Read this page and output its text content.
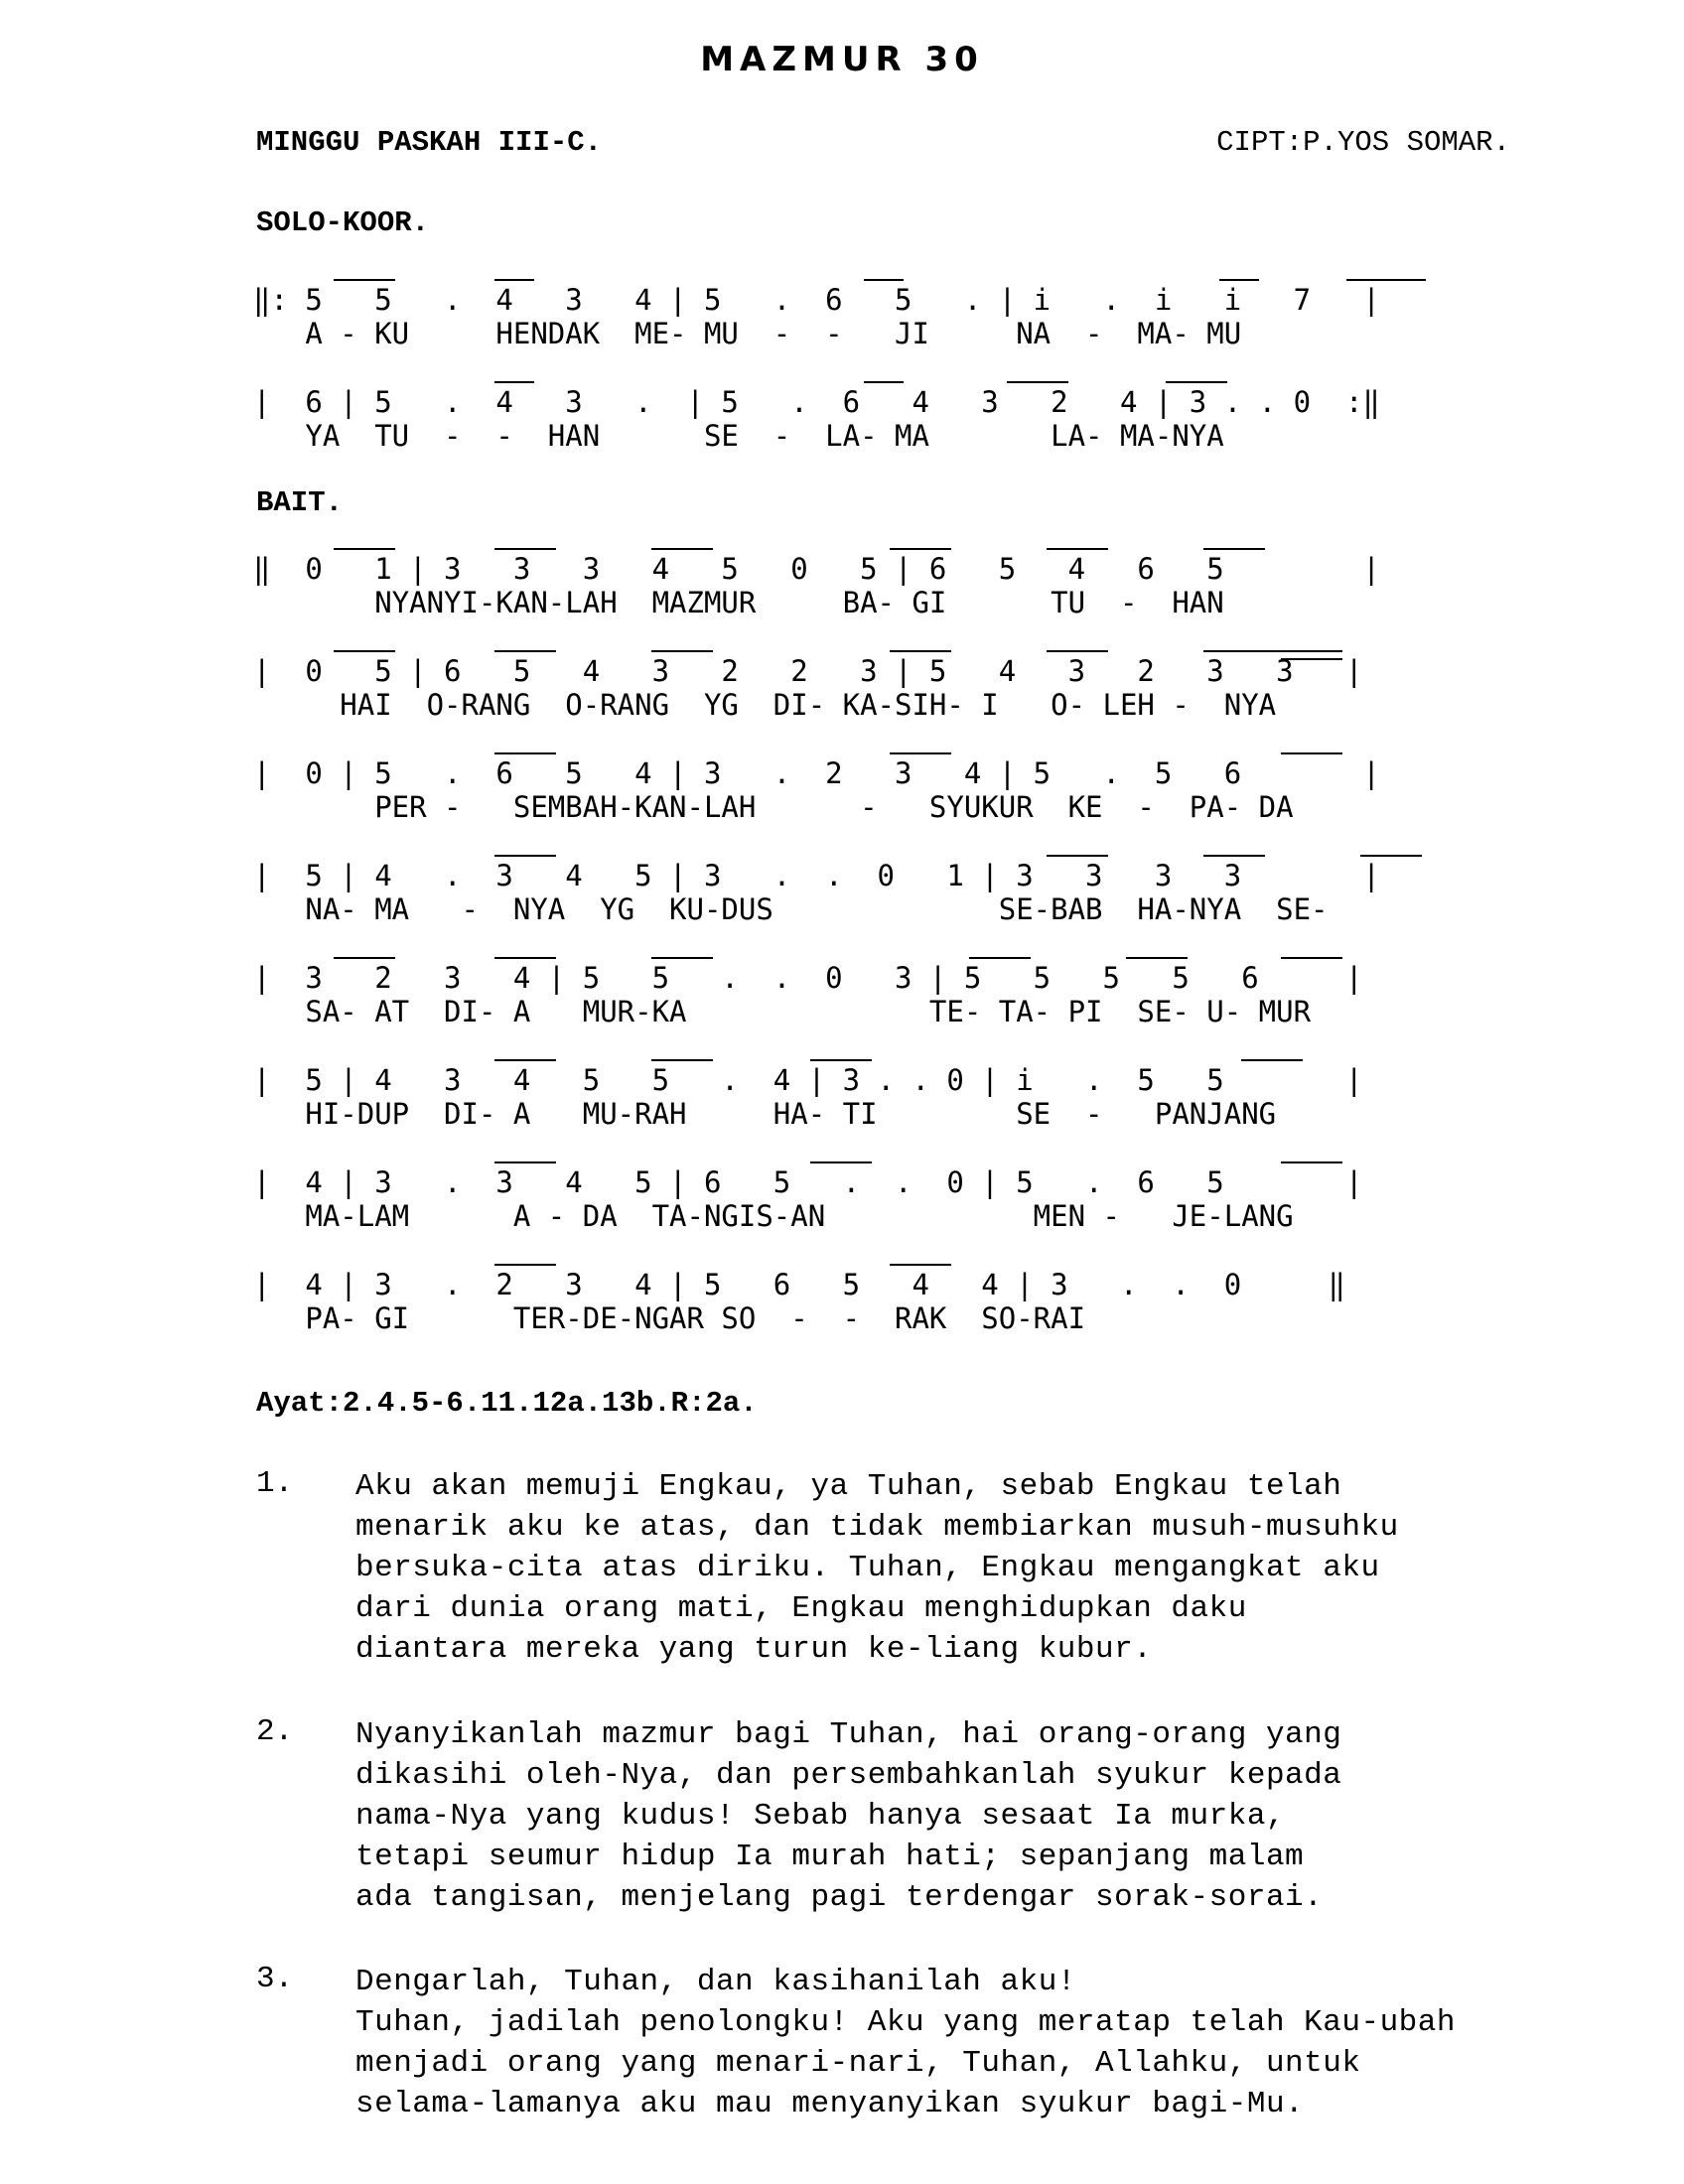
MAZMUR 30
MINGGU PASKAH III-C.	CIPT:P.YOS SOMAR.
SOLO-KOOR.
‖: 5   5   .  4   3   4 | 5   .  6   5   . | i   .  i   i   7   |
A - KU     HENDAK  ME- MU  -  -   JI     NA  -  MA- MU
|  6 | 5   .  4   3   .  | 5   .  6   4   3   2   4 | 3 . . 0  :‖
YA  TU  -  -  HAN      SE  -  LA- MA       LA- MA-NYA
BAIT.
‖  0   1 | 3   3   3   4   5   0   5 | 6   5   4   6   5        |
NYANYI-KAN-LAH  MAZMUR     BA- GI      TU  -  HAN
|  0   5 | 6   5   4   3   2   2   3 | 5   4   3   2   3   3   |
HAI  O-RANG  O-RANG  YG  DI- KA-SIH- I   O- LEH -  NYA
|  0 | 5   .  6   5   4 | 3   .  2   3   4 | 5   .  5   6       |
PER -   SEMBAH-KAN-LAH      -   SYUKUR  KE  -  PA- DA
|  5 | 4   .  3   4   5 | 3   .  .  0   1 | 3   3   3   3       |
NA- MA   -  NYA  YG  KU-DUS             SE-BAB  HA-NYA  SE-
|  3   2   3   4 | 5   5   .  .  0   3 | 5   5   5   5   6     |
SA- AT  DI- A   MUR-KA              TE- TA- PI  SE- U- MUR
|  5 | 4   3   4   5   5   .  4 | 3 . . 0 | i   .  5   5       |
HI-DUP  DI- A   MU-RAH     HA- TI        SE  -   PANJANG
|  4 | 3   .  3   4   5 | 6   5   .  .  0 | 5   .  6   5       |
MA-LAM      A - DA  TA-NGIS-AN            MEN -   JE-LANG
|  4 | 3   .  2   3   4 | 5   6   5   4   4 | 3   .  .  0     ‖
PA- GI      TER-DE-NGAR SO  -  -  RAK  SO-RAI
Ayat:2.4.5-6.11.12a.13b.R:2a.
1. Aku akan memuji Engkau, ya Tuhan, sebab Engkau telah
menarik aku ke atas, dan tidak membiarkan musuh-musuhku
bersuka-cita atas diriku. Tuhan, Engkau mengangkat aku
dari dunia orang mati, Engkau menghidupkan daku
diantara mereka yang turun ke-liang kubur.
2. Nyanyikanlah mazmur bagi Tuhan, hai orang-orang yang
dikasihi oleh-Nya, dan persembahkanlah syukur kepada
nama-Nya yang kudus! Sebab hanya sesaat Ia murka,
tetapi seumur hidup Ia murah hati; sepanjang malam
ada tangisan, menjelang pagi terdengar sorak-sorai.
3. Dengarlah, Tuhan, dan kasihanilah aku!
Tuhan, jadilah penolongku! Aku yang meratap telah Kau-ubah
menjadi orang yang menari-nari, Tuhan, Allahku, untuk
selama-lamanya aku mau menyanyikan syukur bagi-Mu.
